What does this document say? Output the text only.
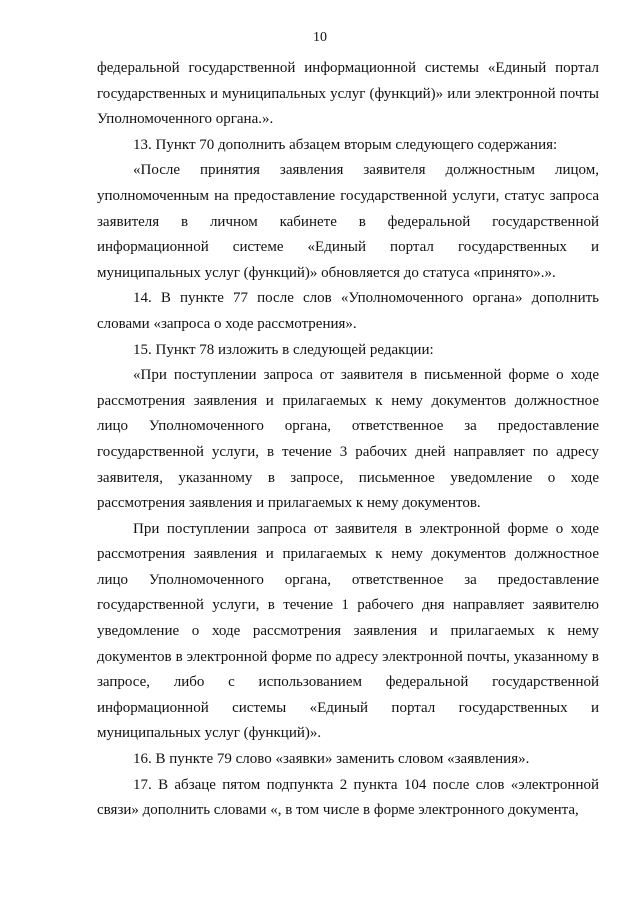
10

федеральной государственной информационной системы «Единый портал государственных и муниципальных услуг (функций)» или электронной почты Уполномоченного органа.».

13. Пункт 70 дополнить абзацем вторым следующего содержания:

«После принятия заявления заявителя должностным лицом, уполномоченным на предоставление государственной услуги, статус запроса заявителя в личном кабинете в федеральной государственной информационной системе «Единый портал государственных и муниципальных услуг (функций)» обновляется до статуса «принято».».

14. В пункте 77 после слов «Уполномоченного органа» дополнить словами «запроса о ходе рассмотрения».

15. Пункт 78 изложить в следующей редакции:

«При поступлении запроса от заявителя в письменной форме о ходе рассмотрения заявления и прилагаемых к нему документов должностное лицо Уполномоченного органа, ответственное за предоставление государственной услуги, в течение 3 рабочих дней направляет по адресу заявителя, указанному в запросе, письменное уведомление о ходе рассмотрения заявления и прилагаемых к нему документов.

При поступлении запроса от заявителя в электронной форме о ходе рассмотрения заявления и прилагаемых к нему документов должностное лицо Уполномоченного органа, ответственное за предоставление государственной услуги, в течение 1 рабочего дня направляет заявителю уведомление о ходе рассмотрения заявления и прилагаемых к нему документов в электронной форме по адресу электронной почты, указанному в запросе, либо с использованием федеральной государственной информационной системы «Единый портал государственных и муниципальных услуг (функций)».

16. В пункте 79 слово «заявки» заменить словом «заявления».

17. В абзаце пятом подпункта 2 пункта 104 после слов «электронной связи» дополнить словами «, в том числе в форме электронного документа,
